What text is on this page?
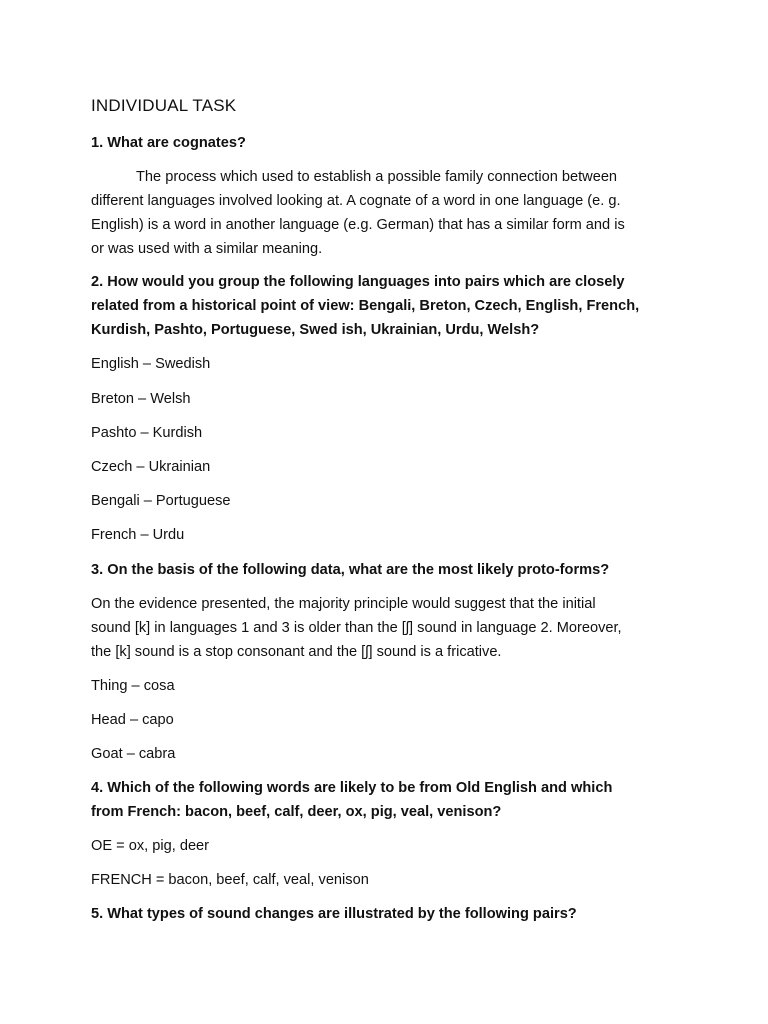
INDIVIDUAL TASK
1. What are cognates?
The process which used to establish a possible family connection between
different languages involved looking at. A cognate of a word in one language (e. g.
English) is a word in another language (e.g. German) that has a similar form and is
or was used with a similar meaning.
2. How would you group the following languages into pairs which are closely
related from a historical point of view: Bengali, Breton, Czech, English, French,
Kurdish, Pashto, Portuguese, Swed ish, Ukrainian, Urdu, Welsh?
English – Swedish
Breton – Welsh
Pashto – Kurdish
Czech – Ukrainian
Bengali – Portuguese
French – Urdu
3. On the basis of the following data, what are the most likely proto-forms?
On the evidence presented, the majority principle would suggest that the initial
sound [k] in languages 1 and 3 is older than the [ʃ] sound in language 2. Moreover,
the [k] sound is a stop consonant and the [ʃ] sound is a fricative.
Thing – cosa
Head – capo
Goat – cabra
4. Which of the following words are likely to be from Old English and which
from French: bacon, beef, calf, deer, ox, pig, veal, venison?
OE = ox, pig, deer
FRENCH = bacon, beef, calf, veal, venison
5. What types of sound changes are illustrated by the following pairs?
